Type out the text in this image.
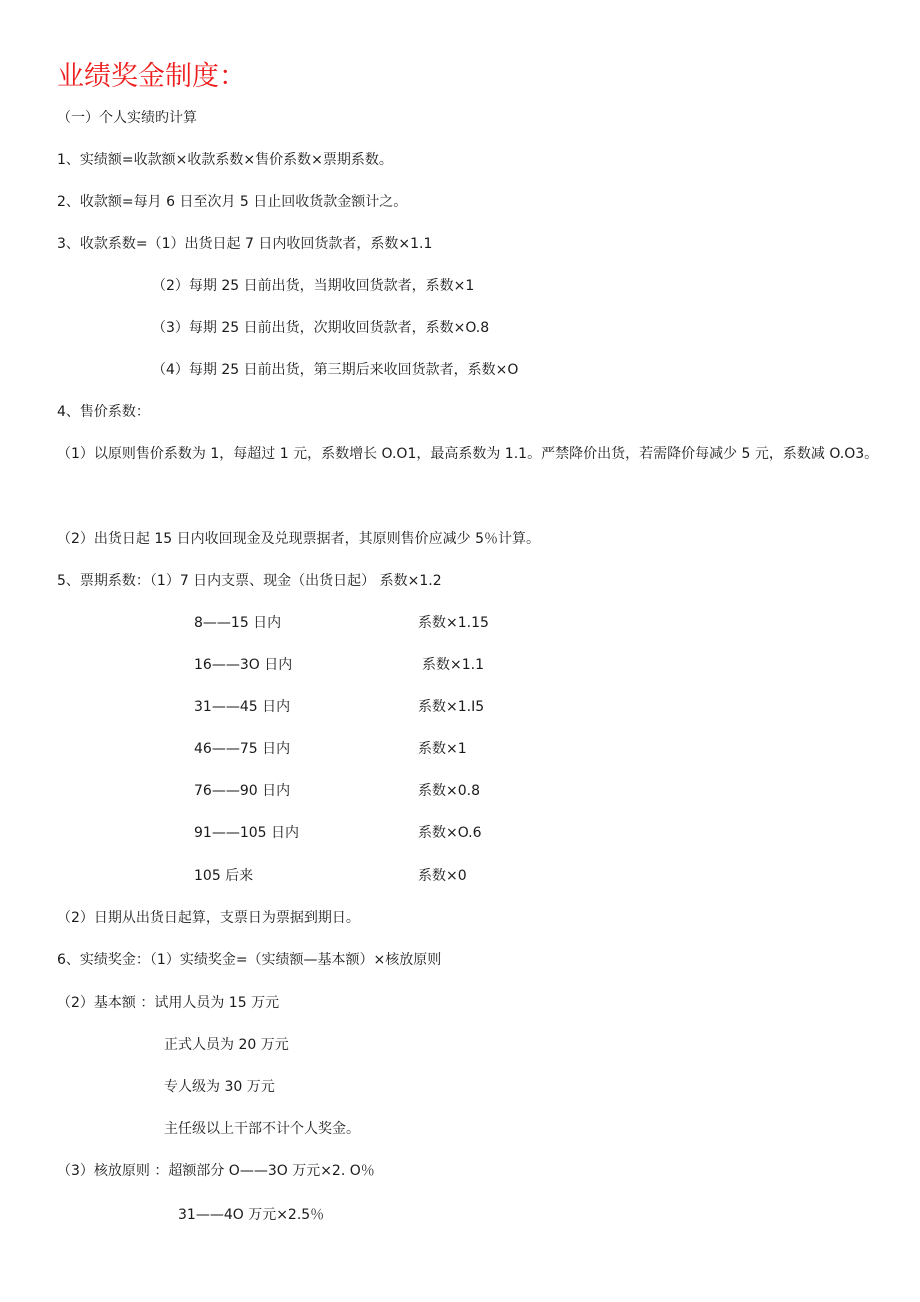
业绩奖金制度：
（一）个人实绩旳计算
1、实绩额=收款额×收款系数×售价系数×票期系数。
2、收款额=每月 6 日至次月 5 日止回收货款金额计之。
3、收款系数=（1）出货日起 7 日内收回货款者，系数×1.1
（2）每期 25 日前出货，当期收回货款者，系数×1
（3）每期 25 日前出货，次期收回货款者，系数×O.8
（4）每期 25 日前出货，第三期后来收回货款者，系数×O
4、售价系数：
（1）以原则售价系数为 1，每超过 1 元，系数增长 O.O1，最高系数为 1.1。严禁降价出货，若需降价每减少 5 元，系数减 O.O3。
（2）出货日起 15 日内收回现金及兑现票据者，其原则售价应减少 5％计算。
5、票期系数：（1）7 日内支票、现金（出货日起） 系数×1.2
8——15 日内	系数×1.15
16——3O 日内	系数×1.1
31——45 日内	系数×1.I5
46——75 日内	系数×1
76——90 日内	系数×0.8
91——105 日内	系数×O.6
105 后来	系数×0
（2）日期从出货日起算，支票日为票据到期日。
6、实绩奖金：（1）实绩奖金=（实绩额—基本额）×核放原则
（2）基本额 ：试用人员为 15 万元
正式人员为 20 万元
专人级为 30 万元
主任级以上干部不计个人奖金。
（3）核放原则 ：超额部分 O——3O 万元×2. O％
31——4O 万元×2.5％
